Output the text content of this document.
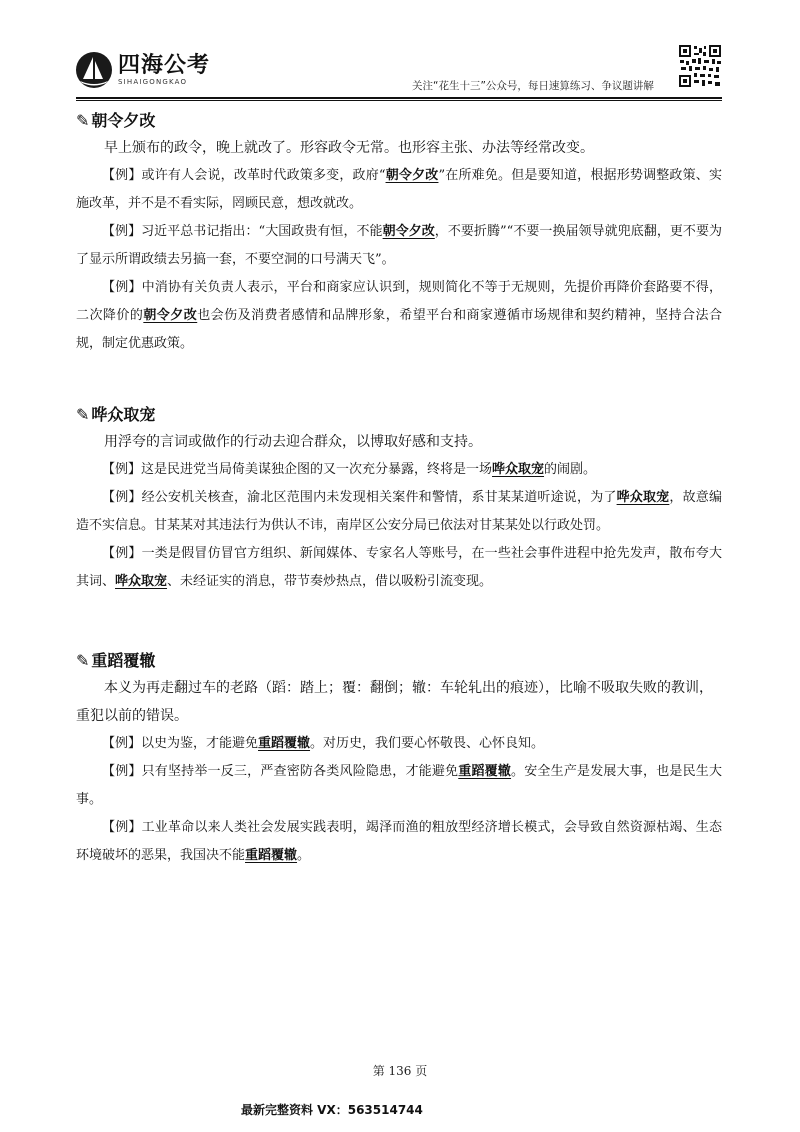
四海公考
SIHAIGONGKAO	关注“花生十三”公众号，每日速算练习、争议题讲解

✎ 朝令夕改

早上颁布的政令，晚上就改了。形容政令无常。也形容主张、办法等经常改变。

【例】或许有人会说，改革时代政策多变，政府“朝令夕改”在所难免。但是要知道，根据形势调整政策、实施改革，并不是不看实际，罔顾民意，想改就改。

【例】习近平总书记指出：“大国政贵有恒，不能朝令夕改，不要折腾”“不要一换届领导就兜底翻，更不要为了显示所谓政绩去另搞一套，不要空洞的口号满天飞”。

【例】中消协有关负责人表示，平台和商家应认识到，规则简化不等于无规则，先提价再降价套路要不得，二次降价的朝令夕改也会伤及消费者感情和品牌形象，希望平台和商家遵循市场规律和契约精神，坚持合法合规，制定优惠政策。

✎ 哗众取宠

用浮夸的言词或做作的行动去迎合群众，以博取好感和支持。

【例】这是民进党当局倚美谋独企图的又一次充分暴露，终将是一场哗众取宠的闹剧。

【例】经公安机关核查，渝北区范围内未发现相关案件和警情，系甘某某道听途说，为了哗众取宠，故意编造不实信息。甘某某对其违法行为供认不讳，南岸区公安分局已依法对甘某某处以行政处罚。

【例】一类是假冒仿冒官方组织、新闻媒体、专家名人等账号，在一些社会事件进程中抢先发声，散布夸大其词、哗众取宠、未经证实的消息，带节奏炒热点，借以吸粉引流变现。

✎ 重蹈覆辙

本义为再走翻过车的老路（蹈：踏上；覆：翻倒；辙：车轮轧出的痕迹），比喻不吸取失败的教训，重犯以前的错误。

【例】以史为鉴，才能避免重蹈覆辙。对历史，我们要心怀敬畏、心怀良知。

【例】只有坚持举一反三，严查密防各类风险隐患，才能避免重蹈覆辙。安全生产是发展大事，也是民生大事。

【例】工业革命以来人类社会发展实践表明，竭泽而渔的粗放型经济增长模式，会导致自然资源枯竭、生态环境破坏的恶果，我国决不能重蹈覆辙。

第 136 页
最新完整资料 VX：563514744
